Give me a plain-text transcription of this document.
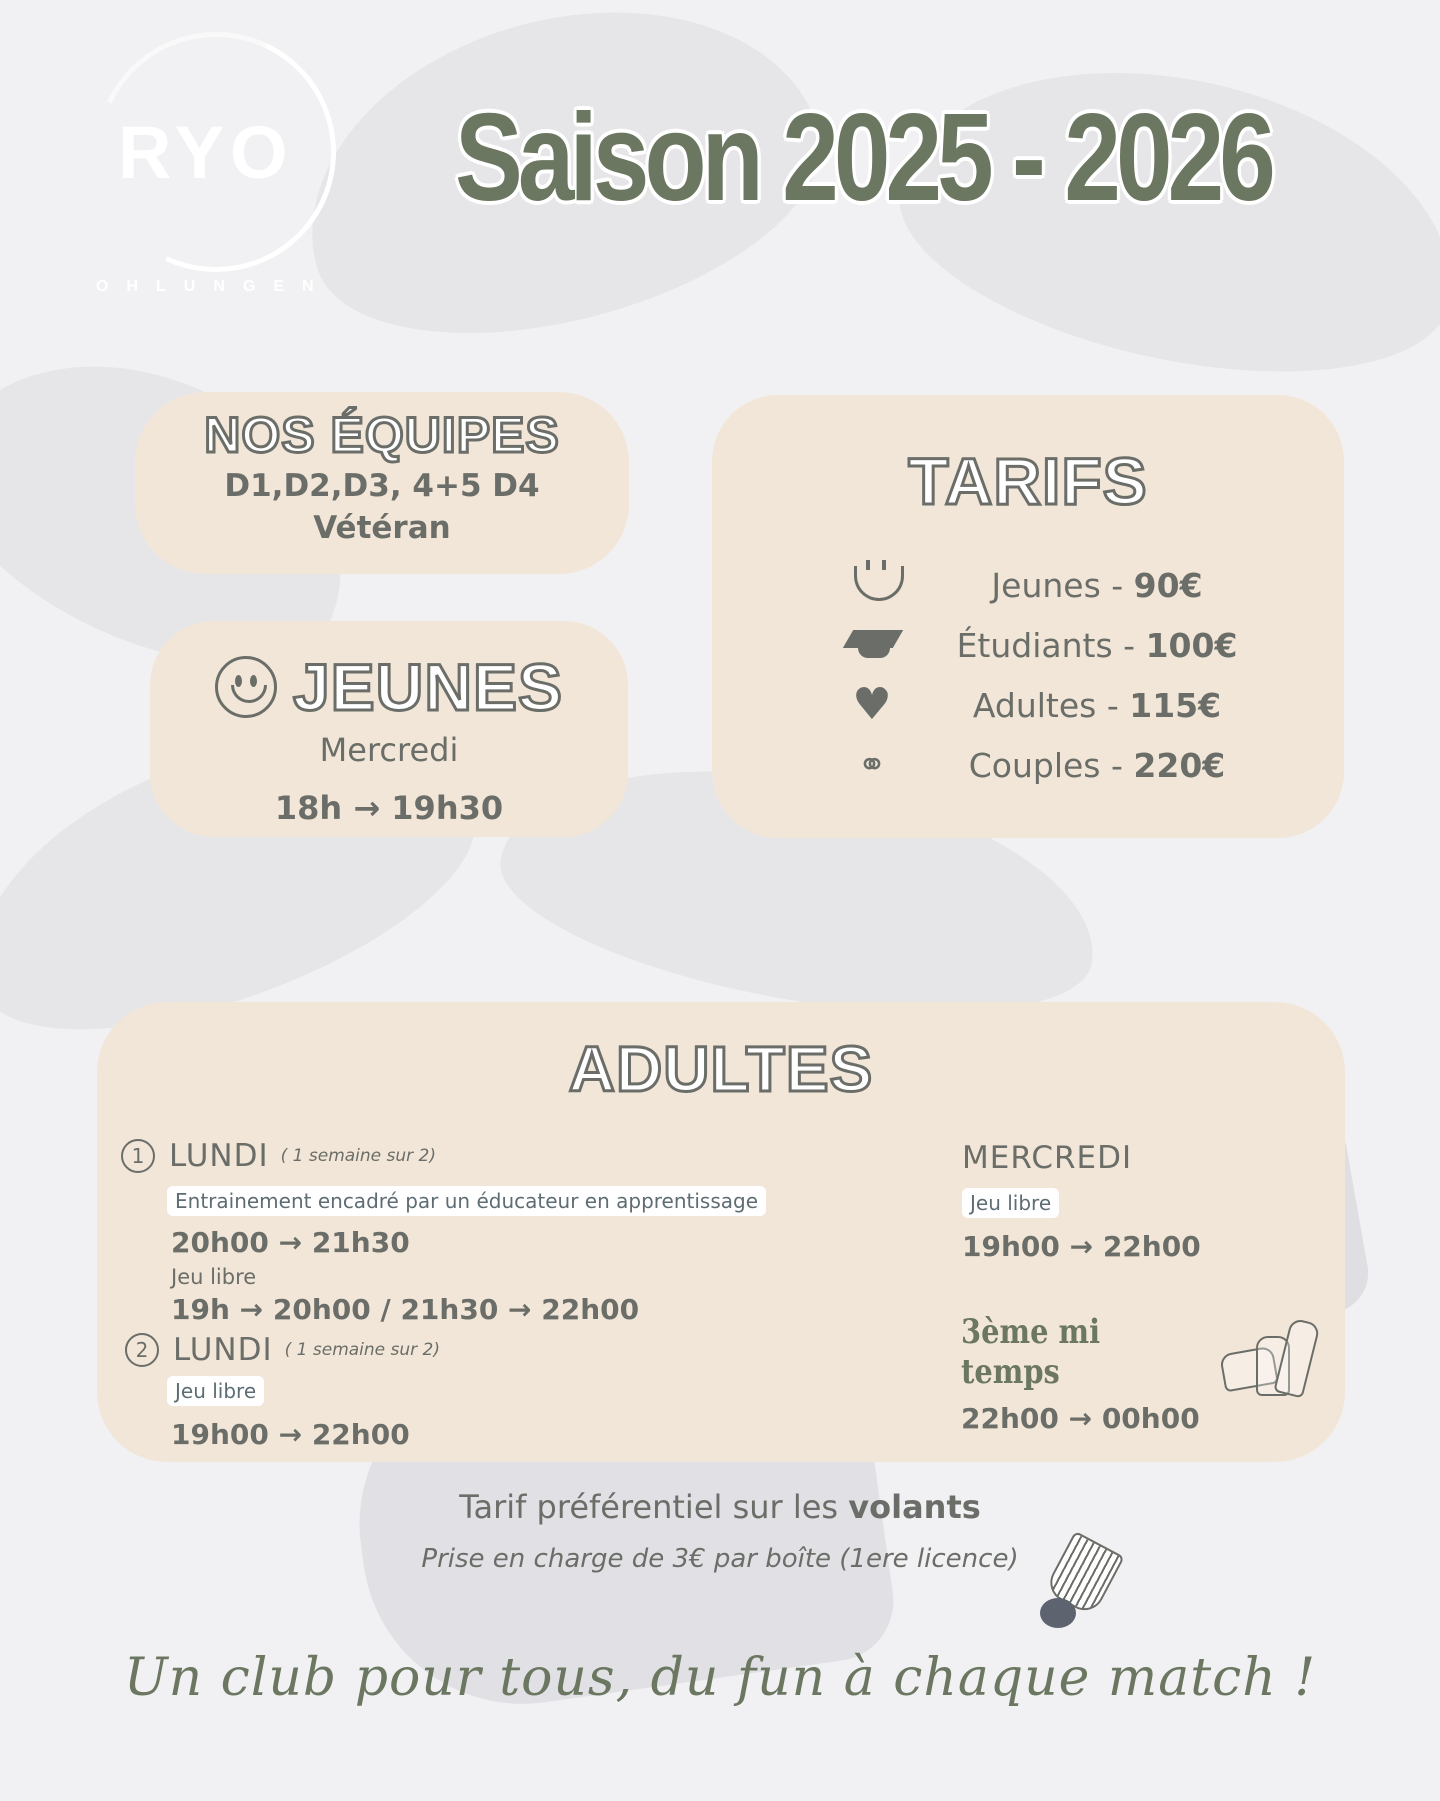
RYO
OHLUNGEN
Saison 2025 - 2026
NOS ÉQUIPES
D1,D2,D3, 4+5 D4
Vétéran
JEUNES
Mercredi
18h → 19h30
TARIFS
Jeunes - 90€
Étudiants - 100€
♥	Adultes - 115€
⚭	Couples - 220€
ADULTES
1 LUNDI ( 1 semaine sur 2)
Entrainement encadré par un éducateur en apprentissage
20h00 → 21h30
Jeu libre
19h → 20h00 / 21h30 → 22h00
2 LUNDI ( 1 semaine sur 2)
Jeu libre
19h00 → 22h00
MERCREDI
Jeu libre
19h00 → 22h00
3ème mi temps
22h00 → 00h00
Tarif préférentiel sur les volants
Prise en charge de 3€ par boîte (1ere licence)
Un club pour tous, du fun à chaque match !
